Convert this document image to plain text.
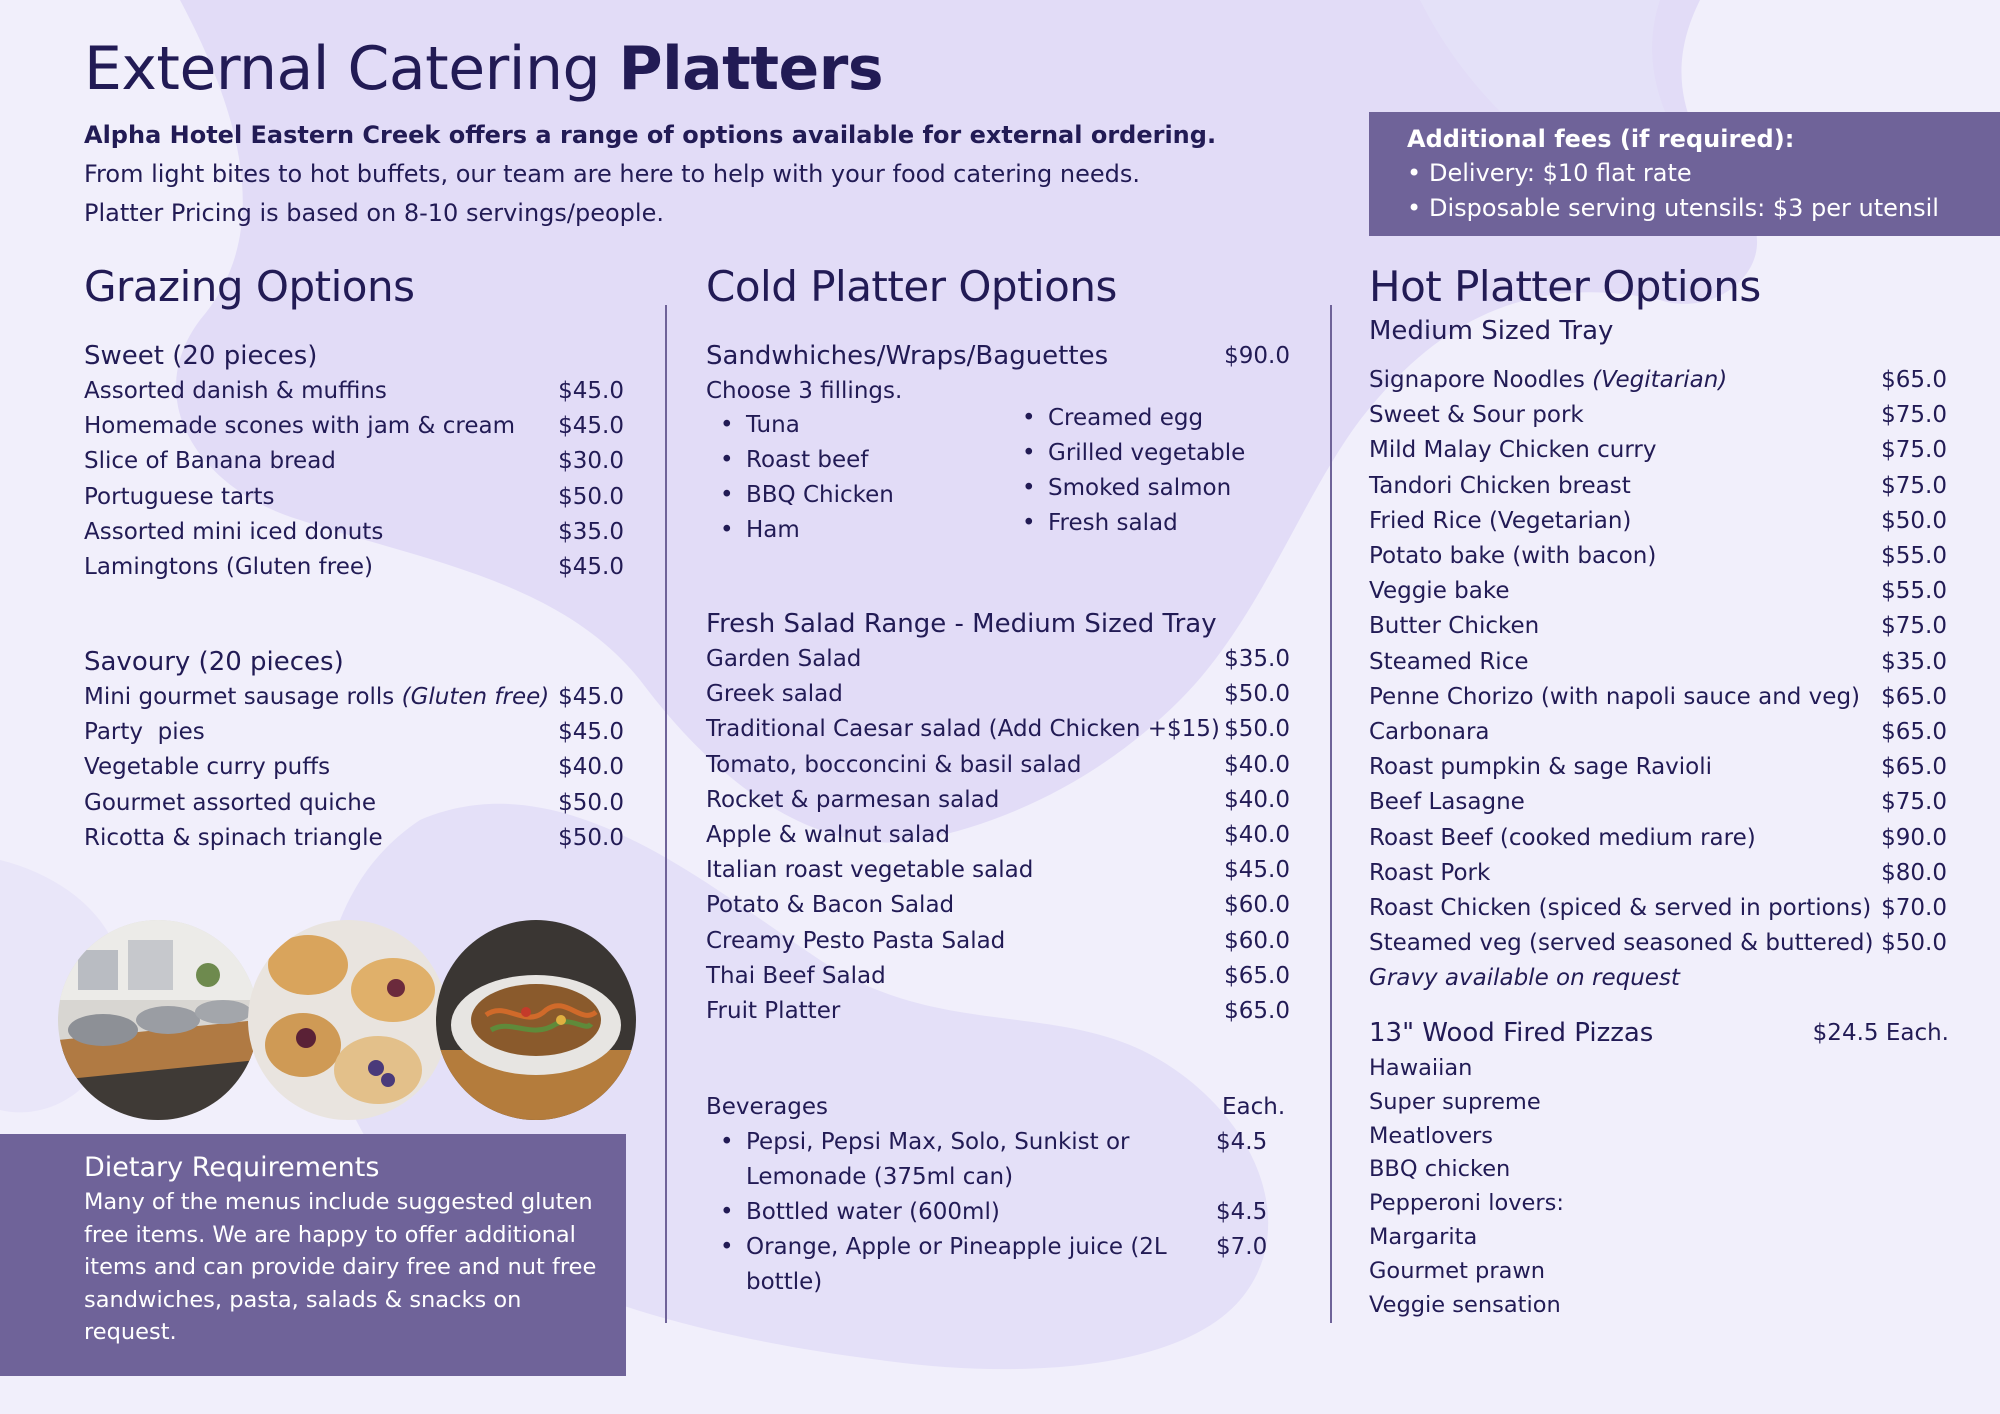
External Catering Platters

Alpha Hotel Eastern Creek offers a range of options available for external ordering.

From light bites to hot buffets, our team are here to help with your food catering needs.

Platter Pricing is based on 8-10 servings/people.

Additional fees (if required):
• Delivery: $10 flat rate
• Disposable serving utensils: $3 per utensil
Grazing Options
Sweet (20 pieces)
Assorted danish & muffins	$45.0
Homemade scones with jam & cream $45.0
Slice of Banana bread	$30.0
Portuguese tarts	$50.0
Assorted mini iced donuts	$35.0
Lamingtons (Gluten free)	$45.0
Savoury (20 pieces)
Mini gourmet sausage rolls (Gluten free) $45.0
Party  pies	$45.0
Vegetable curry puffs	$40.0
Gourmet assorted quiche	$50.0
Ricotta & spinach triangle	$50.0
Dietary Requirements
Many of the menus include suggested gluten free items. We are happy to offer additional items and can provide dairy free and nut free sandwiches, pasta, salads & snacks on request.
Cold Platter Options
Sandwhiches/Wraps/Baguettes	$90.0
Choose 3 fillings.
• Tuna
• Roast beef
• BBQ Chicken
• Ham
• Creamed egg
• Grilled vegetable
• Smoked salmon
• Fresh salad
Fresh Salad Range - Medium Sized Tray
Garden Salad	$35.0
Greek salad	$50.0
Traditional Caesar salad (Add Chicken +$15) $50.0
Tomato, bocconcini & basil salad	$40.0
Rocket & parmesan salad	$40.0
Apple & walnut salad	$40.0
Italian roast vegetable salad	$45.0
Potato & Bacon Salad	$60.0
Creamy Pesto Pasta Salad	$60.0
Thai Beef Salad	$65.0
Fruit Platter	$65.0
Beverages	Each.
• Pepsi, Pepsi Max, Solo, Sunkist or
Lemonade (375ml can)
$4.5
• Bottled water (600ml)	$4.5
• Orange, Apple or Pineapple juice (2L
bottle)
$7.0
Hot Platter Options
Medium Sized Tray
Signapore Noodles (Vegitarian)	$65.0
Sweet & Sour pork	$75.0
Mild Malay Chicken curry	$75.0
Tandori Chicken breast	$75.0
Fried Rice (Vegetarian)	$50.0
Potato bake (with bacon)	$55.0
Veggie bake	$55.0
Butter Chicken	$75.0
Steamed Rice	$35.0
Penne Chorizo (with napoli sauce and veg) $65.0
Carbonara	$65.0
Roast pumpkin & sage Ravioli	$65.0
Beef Lasagne	$75.0
Roast Beef (cooked medium rare)	$90.0
Roast Pork	$80.0
Roast Chicken (spiced & served in portions) $70.0
Steamed veg (served seasoned & buttered) $50.0
Gravy available on request
13" Wood Fired Pizzas	$24.5 Each.
Hawaiian
Super supreme
Meatlovers
BBQ chicken
Pepperoni lovers:
Margarita
Gourmet prawn
Veggie sensation
